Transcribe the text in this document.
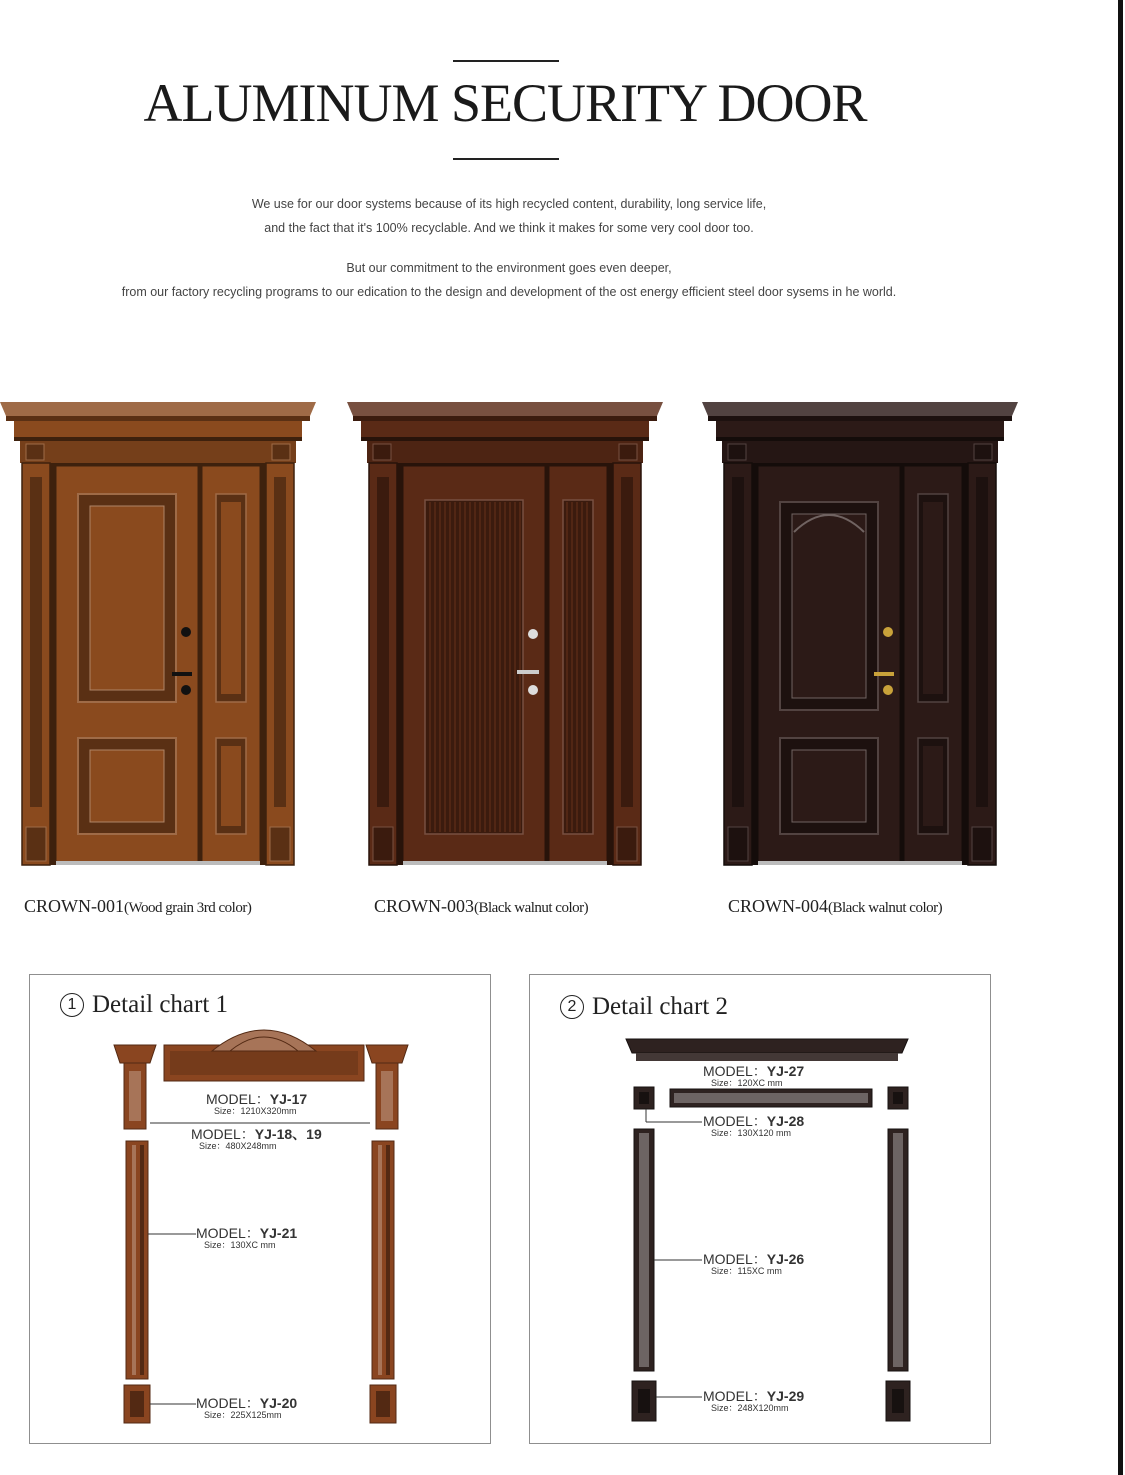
ALUMINUM SECURITY DOOR
We use for our door systems because of its high recycled content, durability, long service life,
and the fact that it's 100% recyclable. And we think it makes for some very cool door too.
But our commitment to the environment goes even deeper,
from our factory recycling programs to our edication to the design and development of the ost energy efficient steel door sysems in he world.
CROWN-001(Wood grain 3rd color)	CROWN-003(Black walnut color)	CROWN-004(Black walnut color)
1 Detail chart 1
MODEL：YJ-17
Size：1210X320mm
MODEL：YJ-18、19
Size：480X248mm
MODEL：YJ-21
Size：130XC mm
MODEL：YJ-20
Size：225X125mm
2 Detail chart 2
MODEL：YJ-27
Size：120XC mm
MODEL：YJ-28
Size：130X120 mm
MODEL：YJ-26
Size：115XC mm
MODEL：YJ-29
Size：248X120mm
